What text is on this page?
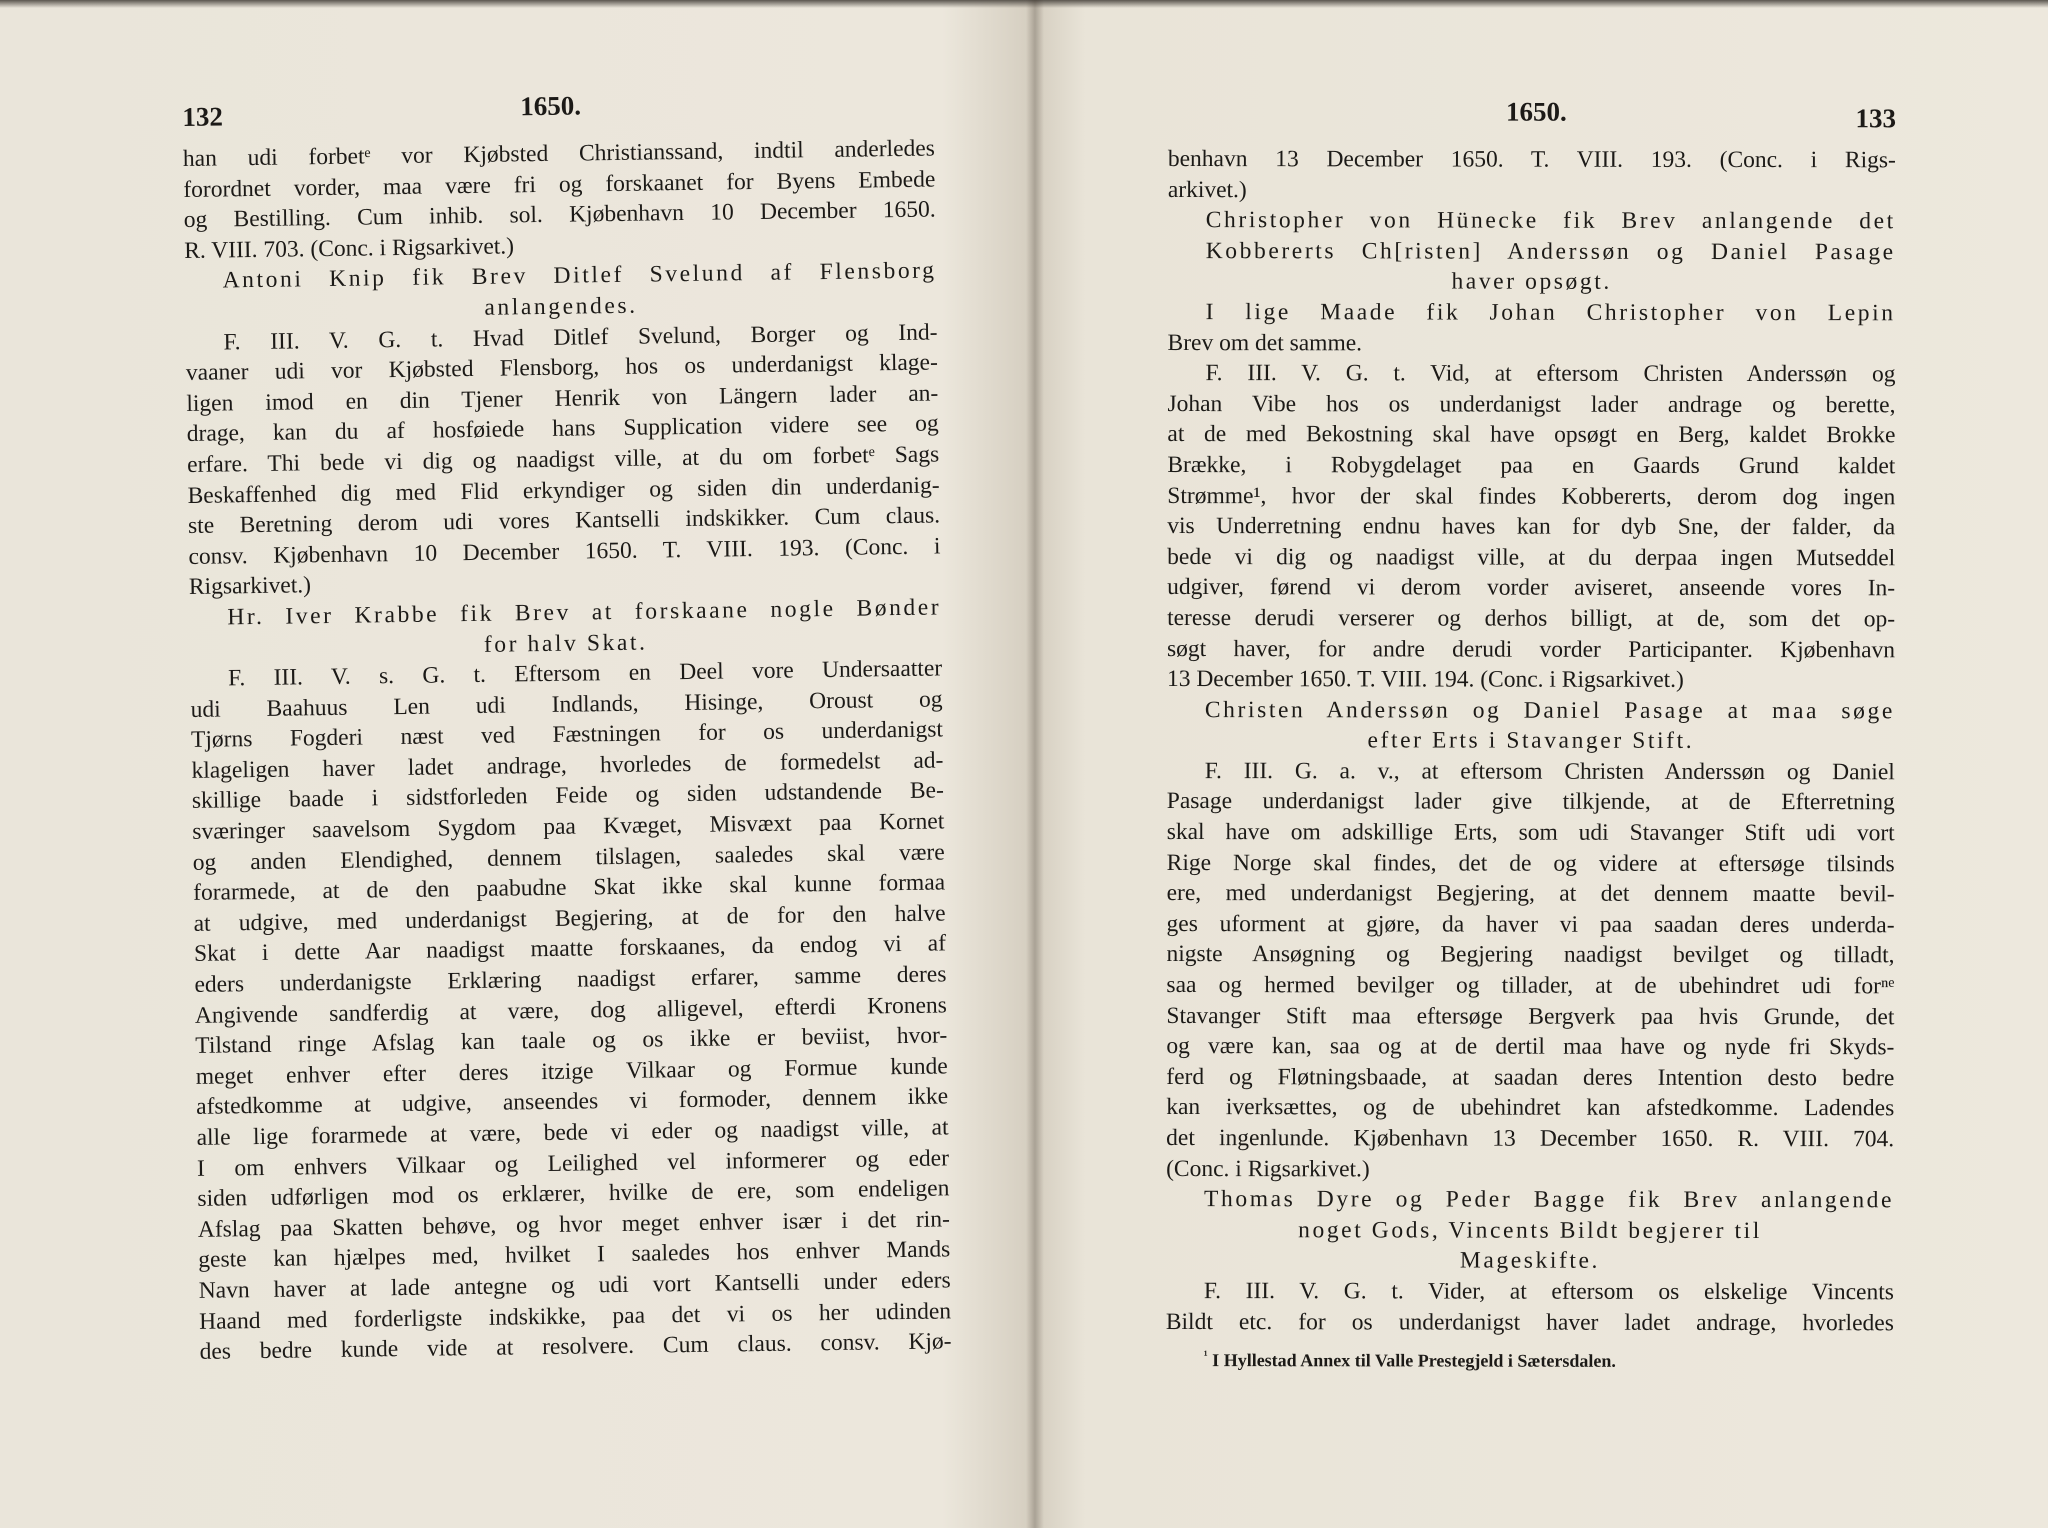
132	1650.
han udi forbetᵉ vor Kjøbsted Christianssand, indtil anderledes
forordnet vorder, maa være fri og forskaanet for Byens Embede
og Bestilling. Cum inhib. sol. Kjøbenhavn 10 December 1650.
R. VIII. 703. (Conc. i Rigsarkivet.)
Antoni Knip fik Brev Ditlef Svelund af Flensborg
anlangendes.
F. III. V. G. t. Hvad Ditlef Svelund, Borger og Ind-
vaaner udi vor Kjøbsted Flensborg, hos os underdanigst klage-
ligen imod en din Tjener Henrik von Längern lader an-
drage, kan du af hosføiede hans Supplication videre see og
erfare. Thi bede vi dig og naadigst ville, at du om forbetᵉ Sags
Beskaffenhed dig med Flid erkyndiger og siden din underdanig-
ste Beretning derom udi vores Kantselli indskikker. Cum claus.
consv. Kjøbenhavn 10 December 1650. T. VIII. 193. (Conc. i
Rigsarkivet.)
Hr. Iver Krabbe fik Brev at forskaane nogle Bønder
for halv Skat.
F. III. V. s. G. t. Eftersom en Deel vore Undersaatter
udi Baahuus Len udi Indlands, Hisinge, Oroust og
Tjørns Fogderi næst ved Fæstningen for os underdanigst
klageligen haver ladet andrage, hvorledes de formedelst ad-
skillige baade i sidstforleden Feide og siden udstandende Be-
sværinger saavelsom Sygdom paa Kvæget, Misvæxt paa Kornet
og anden Elendighed, dennem tilslagen, saaledes skal være
forarmede, at de den paabudne Skat ikke skal kunne formaa
at udgive, med underdanigst Begjering, at de for den halve
Skat i dette Aar naadigst maatte forskaanes, da endog vi af
eders underdanigste Erklæring naadigst erfarer, samme deres
Angivende sandferdig at være, dog alligevel, efterdi Kronens
Tilstand ringe Afslag kan taale og os ikke er beviist, hvor-
meget enhver efter deres itzige Vilkaar og Formue kunde
afstedkomme at udgive, anseendes vi formoder, dennem ikke
alle lige forarmede at være, bede vi eder og naadigst ville, at
I om enhvers Vilkaar og Leilighed vel informerer og eder
siden udførligen mod os erklærer, hvilke de ere, som endeligen
Afslag paa Skatten behøve, og hvor meget enhver især i det rin-
geste kan hjælpes med, hvilket I saaledes hos enhver Mands
Navn haver at lade antegne og udi vort Kantselli under eders
Haand med forderligste indskikke, paa det vi os her udinden
des bedre kunde vide at resolvere. Cum claus. consv. Kjø-
1650.	133
benhavn 13 December 1650. T. VIII. 193. (Conc. i Rigs-
arkivet.)
Christopher von Hünecke fik Brev anlangende det
Kobbererts Ch[risten] Anderssøn og Daniel Pasage
haver opsøgt.
I lige Maade fik Johan Christopher von Lepin
Brev om det samme.
F. III. V. G. t. Vid, at eftersom Christen Anderssøn og
Johan Vibe hos os underdanigst lader andrage og berette,
at de med Bekostning skal have opsøgt en Berg, kaldet Brokke
Brække, i Robygdelaget paa en Gaards Grund kaldet
Strømme¹, hvor der skal findes Kobbererts, derom dog ingen
vis Underretning endnu haves kan for dyb Sne, der falder, da
bede vi dig og naadigst ville, at du derpaa ingen Mutseddel
udgiver, førend vi derom vorder aviseret, anseende vores In-
teresse derudi verserer og derhos billigt, at de, som det op-
søgt haver, for andre derudi vorder Participanter. Kjøbenhavn
13 December 1650. T. VIII. 194. (Conc. i Rigsarkivet.)
Christen Anderssøn og Daniel Pasage at maa søge
efter Erts i Stavanger Stift.
F. III. G. a. v., at eftersom Christen Anderssøn og Daniel
Pasage underdanigst lader give tilkjende, at de Efterretning
skal have om adskillige Erts, som udi Stavanger Stift udi vort
Rige Norge skal findes, det de og videre at eftersøge tilsinds
ere, med underdanigst Begjering, at det dennem maatte bevil-
ges uforment at gjøre, da haver vi paa saadan deres underda-
nigste Ansøgning og Begjering naadigst bevilget og tilladt,
saa og hermed bevilger og tillader, at de ubehindret udi forⁿᵉ
Stavanger Stift maa eftersøge Bergverk paa hvis Grunde, det
og være kan, saa og at de dertil maa have og nyde fri Skyds-
ferd og Fløtningsbaade, at saadan deres Intention desto bedre
kan iverksættes, og de ubehindret kan afstedkomme. Ladendes
det ingenlunde. Kjøbenhavn 13 December 1650. R. VIII. 704.
(Conc. i Rigsarkivet.)
Thomas Dyre og Peder Bagge fik Brev anlangende
noget Gods, Vincents Bildt begjerer til
Mageskifte.
F. III. V. G. t. Vider, at eftersom os elskelige Vincents
Bildt etc. for os underdanigst haver ladet andrage, hvorledes
$^{^1}$ I Hyllestad Annex til Valle Prestegjeld i Sætersdalen.
